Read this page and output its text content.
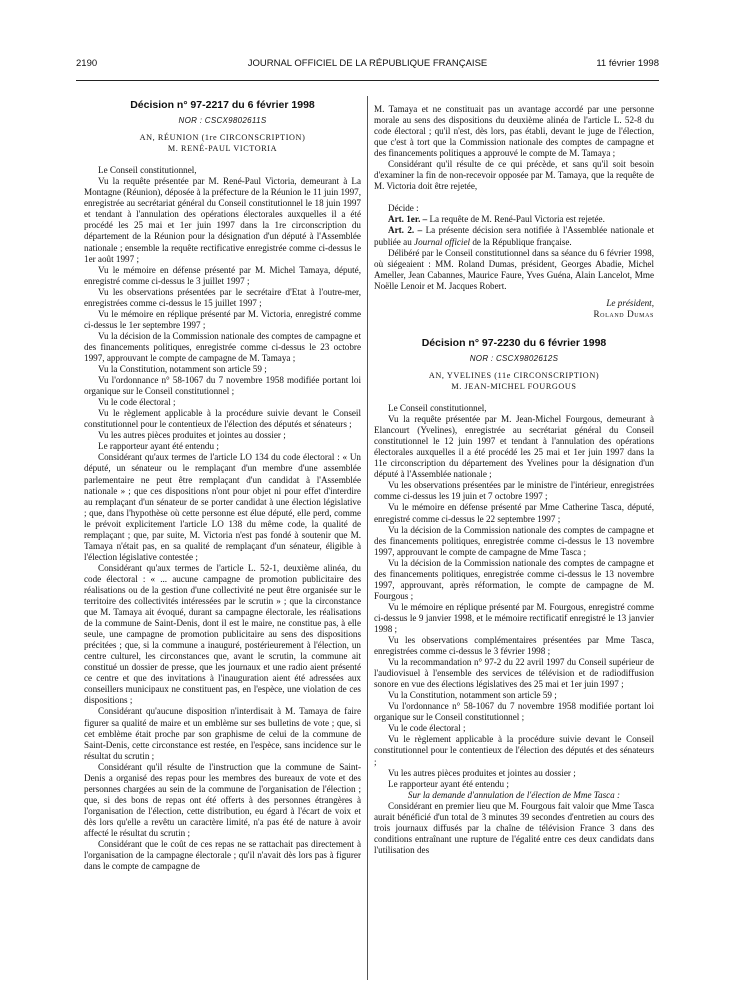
2190	JOURNAL OFFICIEL DE LA RÉPUBLIQUE FRANÇAISE	11 février 1998
Décision n° 97-2217 du 6 février 1998
NOR : CSCX9802611S
AN, RÉUNION (1re CIRCONSCRIPTION)
M. RENÉ-PAUL VICTORIA

Le Conseil constitutionnel,

Vu la requête présentée par M. René-Paul Victoria, demeurant à La Montagne (Réunion), déposée à la préfecture de la Réunion le 11 juin 1997, enregistrée au secrétariat général du Conseil constitutionnel le 18 juin 1997 et tendant à l'annulation des opérations électorales auxquelles il a été procédé les 25 mai et 1er juin 1997 dans la 1re circonscription du département de la Réunion pour la désignation d'un député à l'Assemblée nationale ; ensemble la requête rectificative enregistrée comme ci-dessus le 1er août 1997 ;

Vu le mémoire en défense présenté par M. Michel Tamaya, député, enregistré comme ci-dessus le 3 juillet 1997 ;

Vu les observations présentées par le secrétaire d'Etat à l'outre-mer, enregistrées comme ci-dessus le 15 juillet 1997 ;

Vu le mémoire en réplique présenté par M. Victoria, enregistré comme ci-dessus le 1er septembre 1997 ;

Vu la décision de la Commission nationale des comptes de campagne et des financements politiques, enregistrée comme ci-dessus le 23 octobre 1997, approuvant le compte de campagne de M. Tamaya ;

Vu la Constitution, notamment son article 59 ;

Vu l'ordonnance n° 58-1067 du 7 novembre 1958 modifiée portant loi organique sur le Conseil constitutionnel ;

Vu le code électoral ;

Vu le règlement applicable à la procédure suivie devant le Conseil constitutionnel pour le contentieux de l'élection des députés et sénateurs ;

Vu les autres pièces produites et jointes au dossier ;

Le rapporteur ayant été entendu ;

Considérant qu'aux termes de l'article LO 134 du code électoral : « Un député, un sénateur ou le remplaçant d'un membre d'une assemblée parlementaire ne peut être remplaçant d'un candidat à l'Assemblée nationale » ; que ces dispositions n'ont pour objet ni pour effet d'interdire au remplaçant d'un sénateur de se porter candidat à une élection législative ; que, dans l'hypothèse où cette personne est élue député, elle perd, comme le prévoit explicitement l'article LO 138 du même code, la qualité de remplaçant ; que, par suite, M. Victoria n'est pas fondé à soutenir que M. Tamaya n'était pas, en sa qualité de remplaçant d'un sénateur, éligible à l'élection législative contestée ;

Considérant qu'aux termes de l'article L. 52-1, deuxième alinéa, du code électoral : « ... aucune campagne de promotion publicitaire des réalisations ou de la gestion d'une collectivité ne peut être organisée sur le territoire des collectivités intéressées par le scrutin » ; que la circonstance que M. Tamaya ait évoqué, durant sa campagne électorale, les réalisations de la commune de Saint-Denis, dont il est le maire, ne constitue pas, à elle seule, une campagne de promotion publicitaire au sens des dispositions précitées ; que, si la commune a inauguré, postérieurement à l'élection, un centre culturel, les circonstances que, avant le scrutin, la commune ait constitué un dossier de presse, que les journaux et une radio aient présenté ce centre et que des invitations à l'inauguration aient été adressées aux conseillers municipaux ne constituent pas, en l'espèce, une violation de ces dispositions ;

Considérant qu'aucune disposition n'interdisait à M. Tamaya de faire figurer sa qualité de maire et un emblème sur ses bulletins de vote ; que, si cet emblème était proche par son graphisme de celui de la commune de Saint-Denis, cette circonstance est restée, en l'espèce, sans incidence sur le résultat du scrutin ;

Considérant qu'il résulte de l'instruction que la commune de Saint-Denis a organisé des repas pour les membres des bureaux de vote et des personnes chargées au sein de la commune de l'organisation de l'élection ; que, si des bons de repas ont été offerts à des personnes étrangères à l'organisation de l'élection, cette distribution, eu égard à l'écart de voix et dès lors qu'elle a revêtu un caractère limité, n'a pas été de nature à avoir affecté le résultat du scrutin ;

Considérant que le coût de ces repas ne se rattachait pas directement à l'organisation de la campagne électorale ; qu'il n'avait dès lors pas à figurer dans le compte de campagne de

M. Tamaya et ne constituait pas un avantage accordé par une personne morale au sens des dispositions du deuxième alinéa de l'article L. 52-8 du code électoral ; qu'il n'est, dès lors, pas établi, devant le juge de l'élection, que c'est à tort que la Commission nationale des comptes de campagne et des financements politiques a approuvé le compte de M. Tamaya ;

Considérant qu'il résulte de ce qui précède, et sans qu'il soit besoin d'examiner la fin de non-recevoir opposée par M. Tamaya, que la requête de M. Victoria doit être rejetée,

Décide :

Art. 1er. – La requête de M. René-Paul Victoria est rejetée.

Art. 2. – La présente décision sera notifiée à l'Assemblée nationale et publiée au Journal officiel de la République française.

Délibéré par le Conseil constitutionnel dans sa séance du 6 février 1998, où siégeaient : MM. Roland Dumas, président, Georges Abadie, Michel Ameller, Jean Cabannes, Maurice Faure, Yves Guéna, Alain Lancelot, Mme Noëlle Lenoir et M. Jacques Robert.

Le président,

Roland Dumas

Décision n° 97-2230 du 6 février 1998
NOR : CSCX9802612S
AN, YVELINES (11e CIRCONSCRIPTION)
M. JEAN-MICHEL FOURGOUS

Le Conseil constitutionnel,

Vu la requête présentée par M. Jean-Michel Fourgous, demeurant à Elancourt (Yvelines), enregistrée au secrétariat général du Conseil constitutionnel le 12 juin 1997 et tendant à l'annulation des opérations électorales auxquelles il a été procédé les 25 mai et 1er juin 1997 dans la 11e circonscription du département des Yvelines pour la désignation d'un député à l'Assemblée nationale ;

Vu les observations présentées par le ministre de l'intérieur, enregistrées comme ci-dessus les 19 juin et 7 octobre 1997 ;

Vu le mémoire en défense présenté par Mme Catherine Tasca, député, enregistré comme ci-dessus le 22 septembre 1997 ;

Vu la décision de la Commission nationale des comptes de campagne et des financements politiques, enregistrée comme ci-dessus le 13 novembre 1997, approuvant le compte de campagne de Mme Tasca ;

Vu la décision de la Commission nationale des comptes de campagne et des financements politiques, enregistrée comme ci-dessus le 13 novembre 1997, approuvant, après réformation, le compte de campagne de M. Fourgous ;

Vu le mémoire en réplique présenté par M. Fourgous, enregistré comme ci-dessus le 9 janvier 1998, et le mémoire rectificatif enregistré le 13 janvier 1998 ;

Vu les observations complémentaires présentées par Mme Tasca, enregistrées comme ci-dessus le 3 février 1998 ;

Vu la recommandation n° 97-2 du 22 avril 1997 du Conseil supérieur de l'audiovisuel à l'ensemble des services de télévision et de radiodiffusion sonore en vue des élections législatives des 25 mai et 1er juin 1997 ;

Vu la Constitution, notamment son article 59 ;

Vu l'ordonnance n° 58-1067 du 7 novembre 1958 modifiée portant loi organique sur le Conseil constitutionnel ;

Vu le code électoral ;

Vu le règlement applicable à la procédure suivie devant le Conseil constitutionnel pour le contentieux de l'élection des députés et des sénateurs ;

Vu les autres pièces produites et jointes au dossier ;

Le rapporteur ayant été entendu ;

Sur la demande d'annulation de l'élection de Mme Tasca :

Considérant en premier lieu que M. Fourgous fait valoir que Mme Tasca aurait bénéficié d'un total de 3 minutes 39 secondes d'entretien au cours des trois journaux diffusés par la chaîne de télévision France 3 dans des conditions entraînant une rupture de l'égalité entre ces deux candidats dans l'utilisation des
